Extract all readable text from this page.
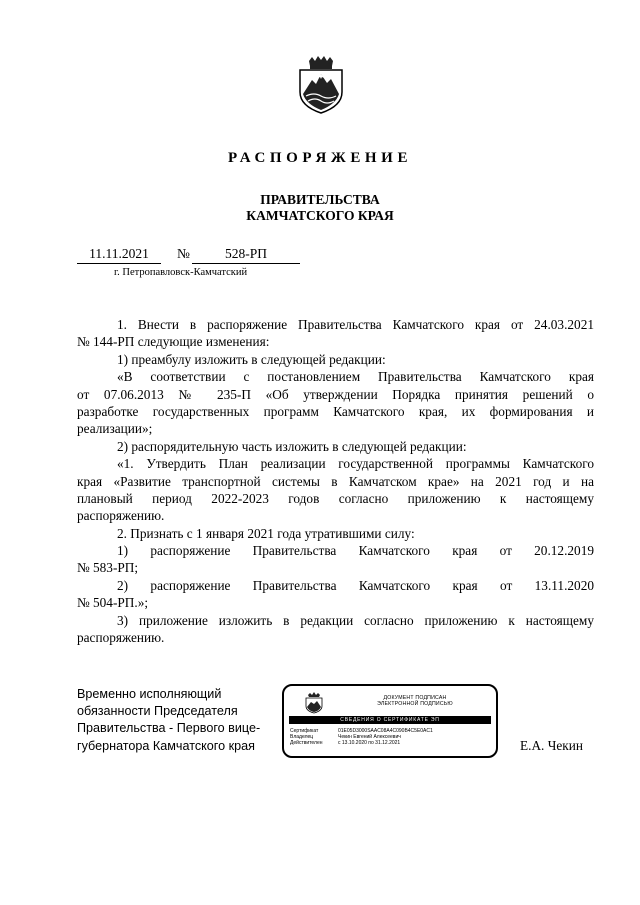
РАСПОРЯЖЕНИЕ
ПРАВИТЕЛЬСТВА
КАМЧАТСКОГО КРАЯ
11.11.2021	№	528-РП
г. Петропавловск-Камчатский
1. Внести в распоряжение Правительства Камчатского края от 24.03.2021
№ 144-РП следующие изменения:
1) преамбулу изложить в следующей редакции:
«В соответствии с постановлением Правительства Камчатского края
от 07.06.2013 № 235-П «Об утверждении Порядка принятия решений о
разработке государственных программ Камчатского края, их формирования и
реализации»;
2) распорядительную часть изложить в следующей редакции:
«1. Утвердить План реализации государственной программы Камчатского
края «Развитие транспортной системы в Камчатском крае» на 2021 год и на
плановый период 2022-2023 годов согласно приложению к настоящему
распоряжению.
2. Признать с 1 января 2021 года утратившими силу:
1) распоряжение Правительства Камчатского края от 20.12.2019
№ 583-РП;
2) распоряжение Правительства Камчатского края от 13.11.2020
№ 504-РП.»;
3) приложение изложить в редакции согласно приложению к настоящему
распоряжению.
Временно исполняющий
обязанности Председателя
Правительства - Первого вице-
губернатора Камчатского края
ДОКУМЕНТ ПОДПИСАН
ЭЛЕКТРОННОЙ ПОДПИСЬЮ
СВЕДЕНИЯ О СЕРТИФИКАТЕ ЭП
Сертификат	01E05D3000SAAC08A4C090B4C5E0AC1
Владелец	Чекин Евгений Алексеевич
Действителен	с 13.10.2020 по 31.12.2021	Е.А. Чекин
